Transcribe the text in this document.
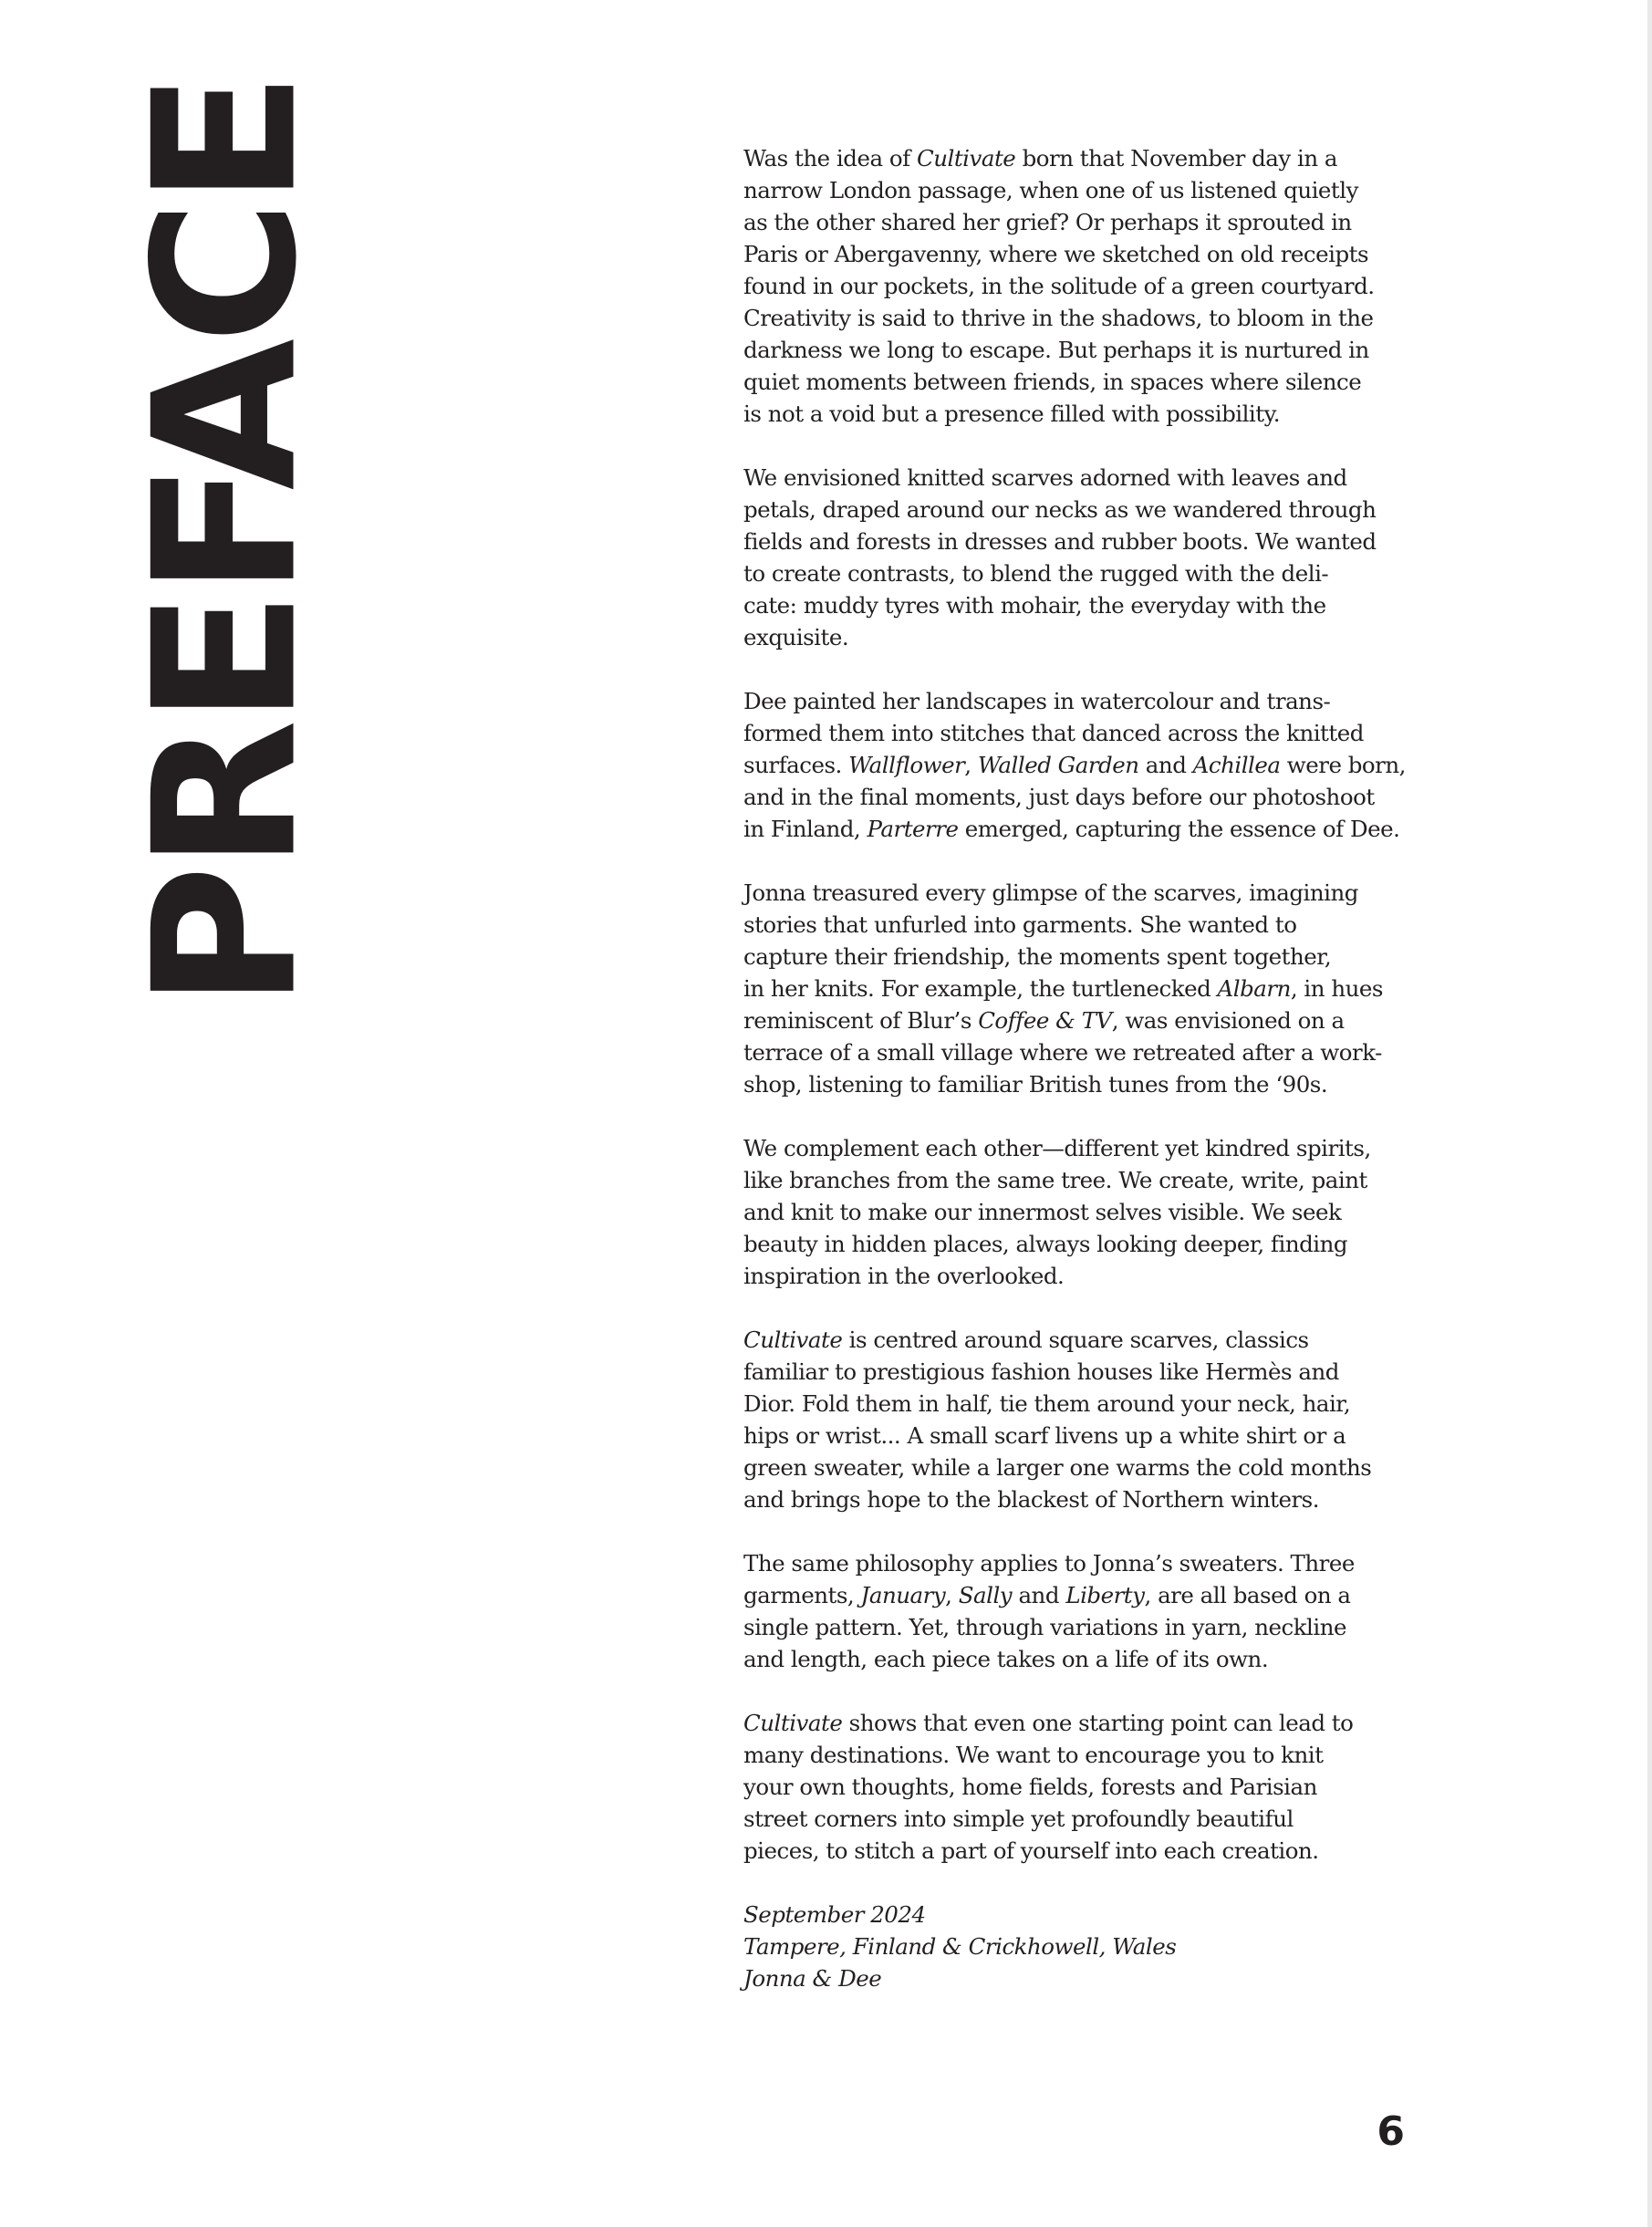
PREFACE	Was the idea of Cultivate born that November day in a
narrow London passage, when one of us listened quietly
as the other shared her grief? Or perhaps it sprouted in
Paris or Abergavenny, where we sketched on old receipts
found in our pockets, in the solitude of a green courtyard.
Creativity is said to thrive in the shadows, to bloom in the
darkness we long to escape. But perhaps it is nurtured in
quiet moments between friends, in spaces where silence
is not a void but a presence filled with possibility.

We envisioned knitted scarves adorned with leaves and
petals, draped around our necks as we wandered through
fields and forests in dresses and rubber boots. We wanted
to create contrasts, to blend the rugged with the deli-
cate: muddy tyres with mohair, the everyday with the
exquisite.

Dee painted her landscapes in watercolour and trans-
formed them into stitches that danced across the knitted
surfaces. Wallflower, Walled Garden and Achillea were born,
and in the final moments, just days before our photoshoot
in Finland, Parterre emerged, capturing the essence of Dee.

Jonna treasured every glimpse of the scarves, imagining
stories that unfurled into garments. She wanted to
capture their friendship, the moments spent together,
in her knits. For example, the turtlenecked Albarn, in hues
reminiscent of Blur’s Coffee & TV, was envisioned on a
terrace of a small village where we retreated after a work-
shop, listening to familiar British tunes from the ‘90s.

We complement each other—different yet kindred spirits,
like branches from the same tree. We create, write, paint
and knit to make our innermost selves visible. We seek
beauty in hidden places, always looking deeper, finding
inspiration in the overlooked.

Cultivate is centred around square scarves, classics
familiar to prestigious fashion houses like Hermès and
Dior. Fold them in half, tie them around your neck, hair,
hips or wrist... A small scarf livens up a white shirt or a
green sweater, while a larger one warms the cold months
and brings hope to the blackest of Northern winters.

The same philosophy applies to Jonna’s sweaters. Three
garments, January, Sally and Liberty, are all based on a
single pattern. Yet, through variations in yarn, neckline
and length, each piece takes on a life of its own.

Cultivate shows that even one starting point can lead to
many destinations. We want to encourage you to knit
your own thoughts, home fields, forests and Parisian
street corners into simple yet profoundly beautiful
pieces, to stitch a part of yourself into each creation.

September 2024
Tampere, Finland & Crickhowell, Wales
Jonna & Dee
6
